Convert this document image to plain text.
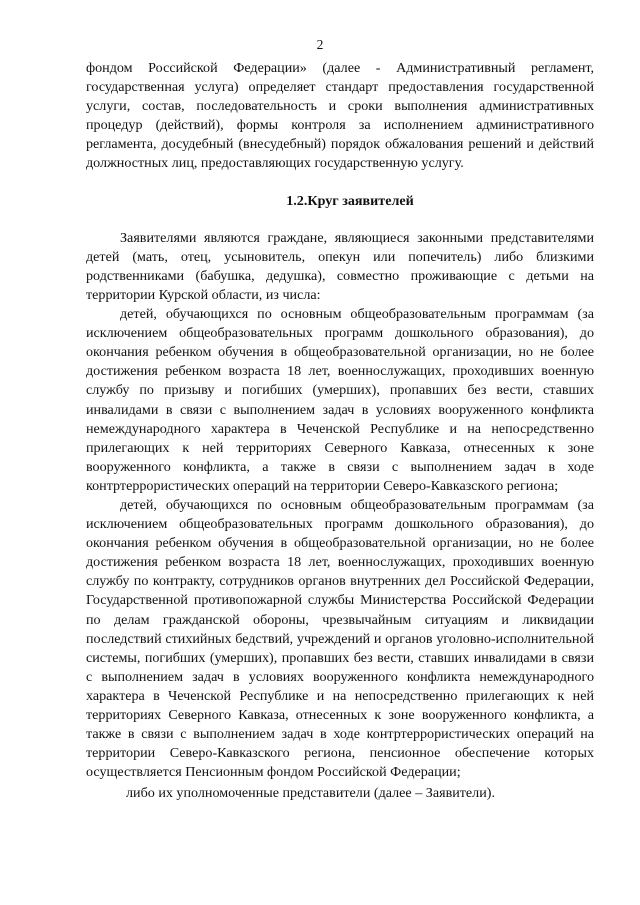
2

фондом Российской Федерации» (далее - Административный регламент, государственная услуга) определяет стандарт предоставления государственной услуги, состав, последовательность и сроки выполнения административных процедур (действий), формы контроля за исполнением административного регламента, досудебный (внесудебный) порядок обжалования решений и действий должностных лиц, предоставляющих государственную услугу.

1.2.Круг заявителей

Заявителями являются граждане, являющиеся законными представителями детей (мать, отец, усыновитель, опекун или попечитель) либо близкими родственниками (бабушка, дедушка), совместно проживающие с детьми на территории Курской области, из числа:

детей, обучающихся по основным общеобразовательным программам (за исключением общеобразовательных программ дошкольного образования), до окончания ребенком обучения в общеобразовательной организации, но не более достижения ребенком возраста 18 лет, военнослужащих, проходивших военную службу по призыву и погибших (умерших), пропавших без вести, ставших инвалидами в связи с выполнением задач в условиях вооруженного конфликта немеждународного характера в Чеченской Республике и на непосредственно прилегающих к ней территориях Северного Кавказа, отнесенных к зоне вооруженного конфликта, а также в связи с выполнением задач в ходе контртеррористических операций на территории Северо-Кавказского региона;

детей, обучающихся по основным общеобразовательным программам (за исключением общеобразовательных программ дошкольного образования), до окончания ребенком обучения в общеобразовательной организации, но не более достижения ребенком возраста 18 лет, военнослужащих, проходивших военную службу по контракту, сотрудников органов внутренних дел Российской Федерации, Государственной противопожарной службы Министерства Российской Федерации по делам гражданской обороны, чрезвычайным ситуациям и ликвидации последствий стихийных бедствий, учреждений и органов уголовно-исполнительной системы, погибших (умерших), пропавших без вести, ставших инвалидами в связи с выполнением задач в условиях вооруженного конфликта немеждународного характера в Чеченской Республике и на непосредственно прилегающих к ней территориях Северного Кавказа, отнесенных к зоне вооруженного конфликта, а также в связи с выполнением задач в ходе контртеррористических операций на территории Северо-Кавказского региона, пенсионное обеспечение которых осуществляется Пенсионным фондом Российской Федерации;

либо их уполномоченные представители (далее – Заявители).
